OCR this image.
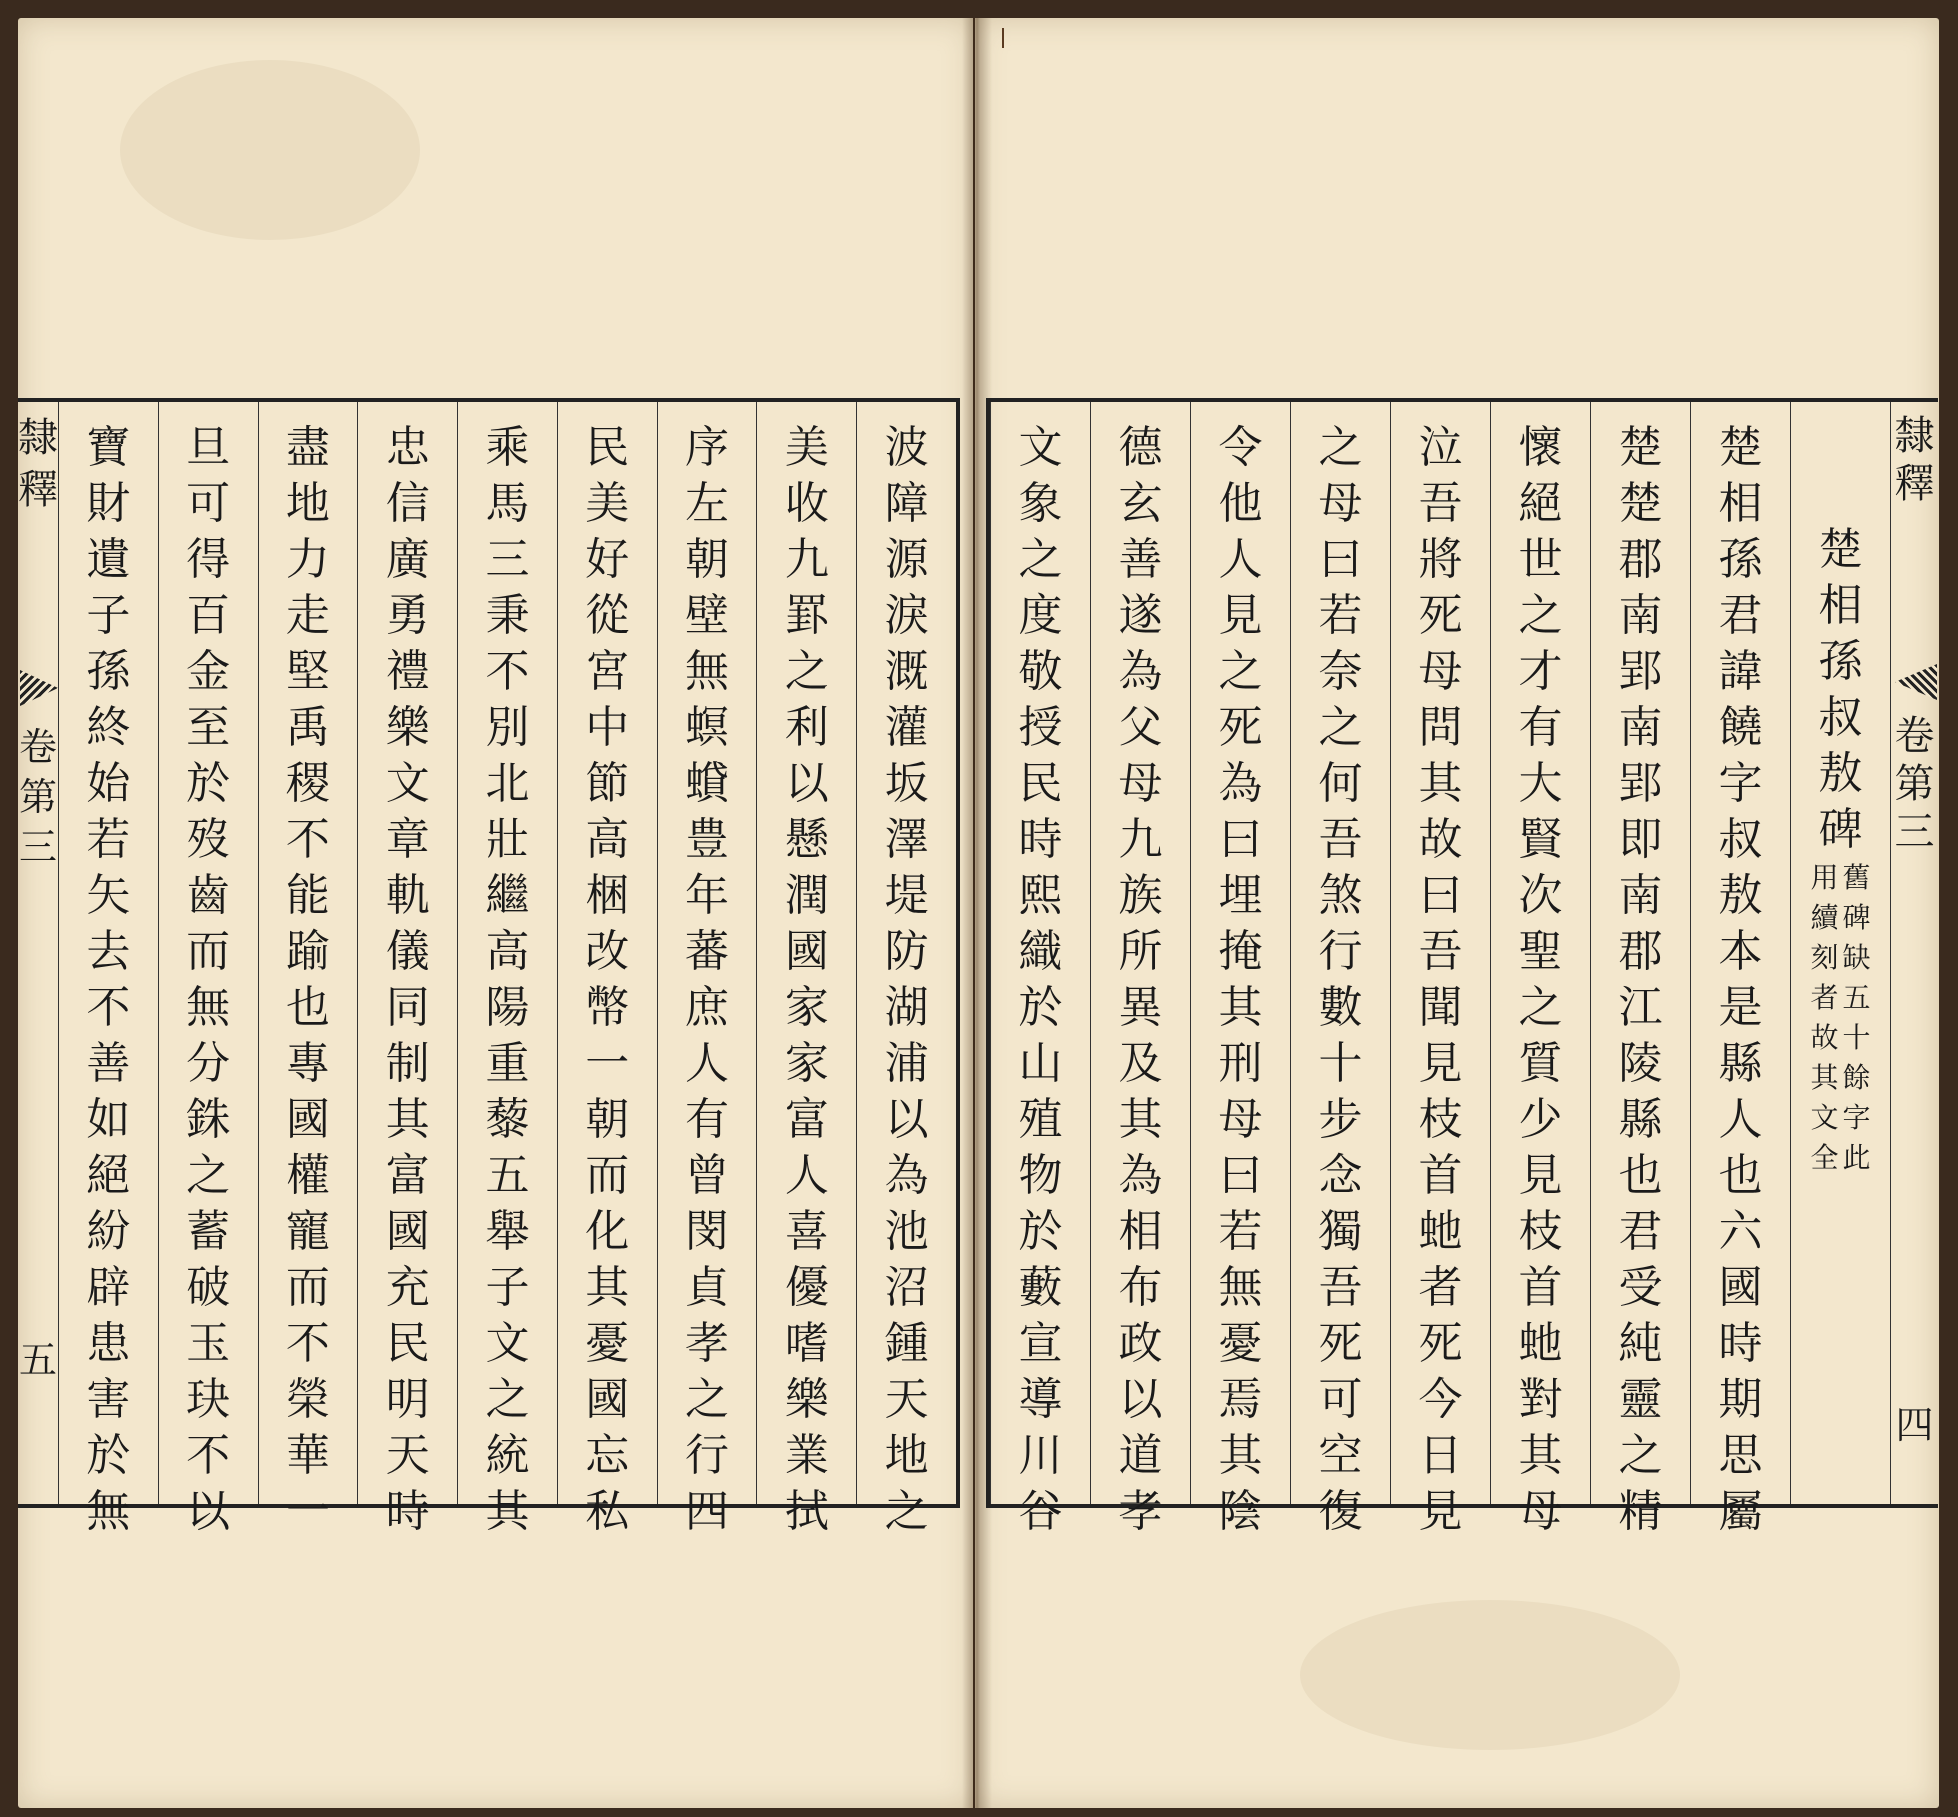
隸釋
卷第三
五
波
障
源
淚
溉
灌
坂
澤
堤
防
湖
浦
以
為
池
沼
鍾
天
地
之
美
收
九
罫
之
利
以
懸
潤
國
家
家
富
人
喜
優
嗜
樂
業
拭
序
左
朝
壁
無
螟
蟘
豊
年
蕃
庶
人
有
曾
閔
貞
孝
之
行
四
民
美
好
從
宮
中
節
高
梱
改
幣
一
朝
而
化
其
憂
國
忘
私
乘
馬
三
秉
不
別
北
壯
繼
高
陽
重
藜
五
舉
子
文
之
統
其
忠
信
廣
勇
禮
樂
文
章
軌
儀
同
制
其
富
國
充
民
明
天
時
盡
地
力
走
堅
禹
稷
不
能
踰
也
專
國
權
寵
而
不
榮
華
一
旦
可
得
百
金
至
於
歿
齒
而
無
分
銖
之
蓄
破
玉
玦
不
以
寶
財
遺
子
孫
終
始
若
矢
去
不
善
如
絕
紛
辟
患
害
於
無
隸
釋
卷
第
三
四
楚
相
孫
叔
敖
碑
舊
碑
缺
五
十
餘
字
此
用
續
刻
者
故
其
文
全
楚
相
孫
君
諱
饒
字
叔
敖
本
是
縣
人
也
六
國
時
期
思
屬
楚
楚
郡
南
郢
南
郢
即
南
郡
江
陵
縣
也
君
受
純
靈
之
精
懷
絕
世
之
才
有
大
賢
次
聖
之
質
少
見
枝
首
虵
對
其
母
泣
吾
將
死
母
問
其
故
曰
吾
聞
見
枝
首
虵
者
死
今
日
見
之
母
曰
若
奈
之
何
吾
煞
行
數
十
步
念
獨
吾
死
可
空
復
令
他
人
見
之
死
為
曰
埋
掩
其
刑
母
曰
若
無
憂
焉
其
陰
德
玄
善
遂
為
父
母
九
族
所
異
及
其
為
相
布
政
以
道
孝
文
象
之
度
敬
授
民
時
熙
織
於
山
殖
物
於
藪
宣
導
川
谷
